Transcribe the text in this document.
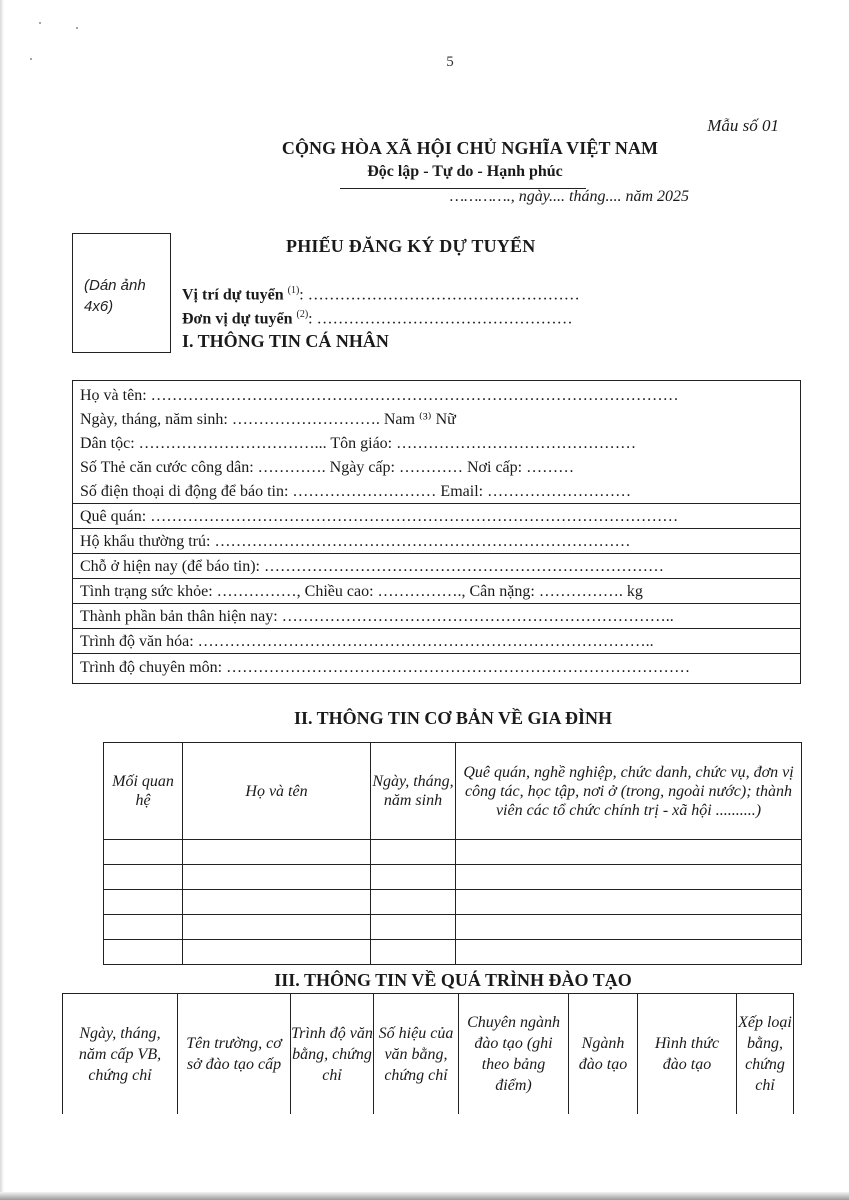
5
Mẫu số 01
CỘNG HÒA XÃ HỘI CHỦ NGHĨA VIỆT NAM
Độc lập - Tự do - Hạnh phúc
…………., ngày.... tháng.... năm 2025
(Dán ảnh
4x6)
PHIẾU ĐĂNG KÝ DỰ TUYỂN
Vị trí dự tuyển $^{(1)}$: ……………………………………………
Đơn vị dự tuyển $^{(2)}$: …………………………………………
I. THÔNG TIN CÁ NHÂN
Họ và tên: ………………………………………………………………………………………
Ngày, tháng, năm sinh: ………………………. Nam ⁽³⁾ Nữ
Dân tộc: ……………………………... Tôn giáo: ………………………………………
Số Thẻ căn cước công dân: …………. Ngày cấp: ………… Nơi cấp: ………
Số điện thoại di động để báo tin: ……………………… Email: ………………………
Quê quán: ………………………………………………………………………………………
Hộ khẩu thường trú: ……………………………………………………………………
Chỗ ở hiện nay (để báo tin): …………………………………………………………………
Tình trạng sức khỏe: ……………, Chiều cao: ……………., Cân nặng: ……………. kg
Thành phần bản thân hiện nay: ………………………………………………………………..
Trình độ văn hóa: …………………………………………………………………………..
Trình độ chuyên môn: ……………………………………………………………………………
II. THÔNG TIN CƠ BẢN VỀ GIA ĐÌNH
Mối quan hệ	Họ và tên	Ngày, tháng, năm sinh	Quê quán, nghề nghiệp, chức danh, chức vụ, đơn vị công tác, học tập, nơi ở (trong, ngoài nước); thành viên các tổ chức chính trị - xã hội ..........)

III. THÔNG TIN VỀ QUÁ TRÌNH ĐÀO TẠO
Ngày, tháng, năm cấp VB, chứng chỉ	Tên trường, cơ sở đào tạo cấp	Trình độ văn bằng, chứng chỉ	Số hiệu của văn bằng, chứng chỉ	Chuyên ngành đào tạo (ghi theo bảng điểm)	Ngành đào tạo	Hình thức đào tạo	Xếp loại bằng, chứng chỉ
